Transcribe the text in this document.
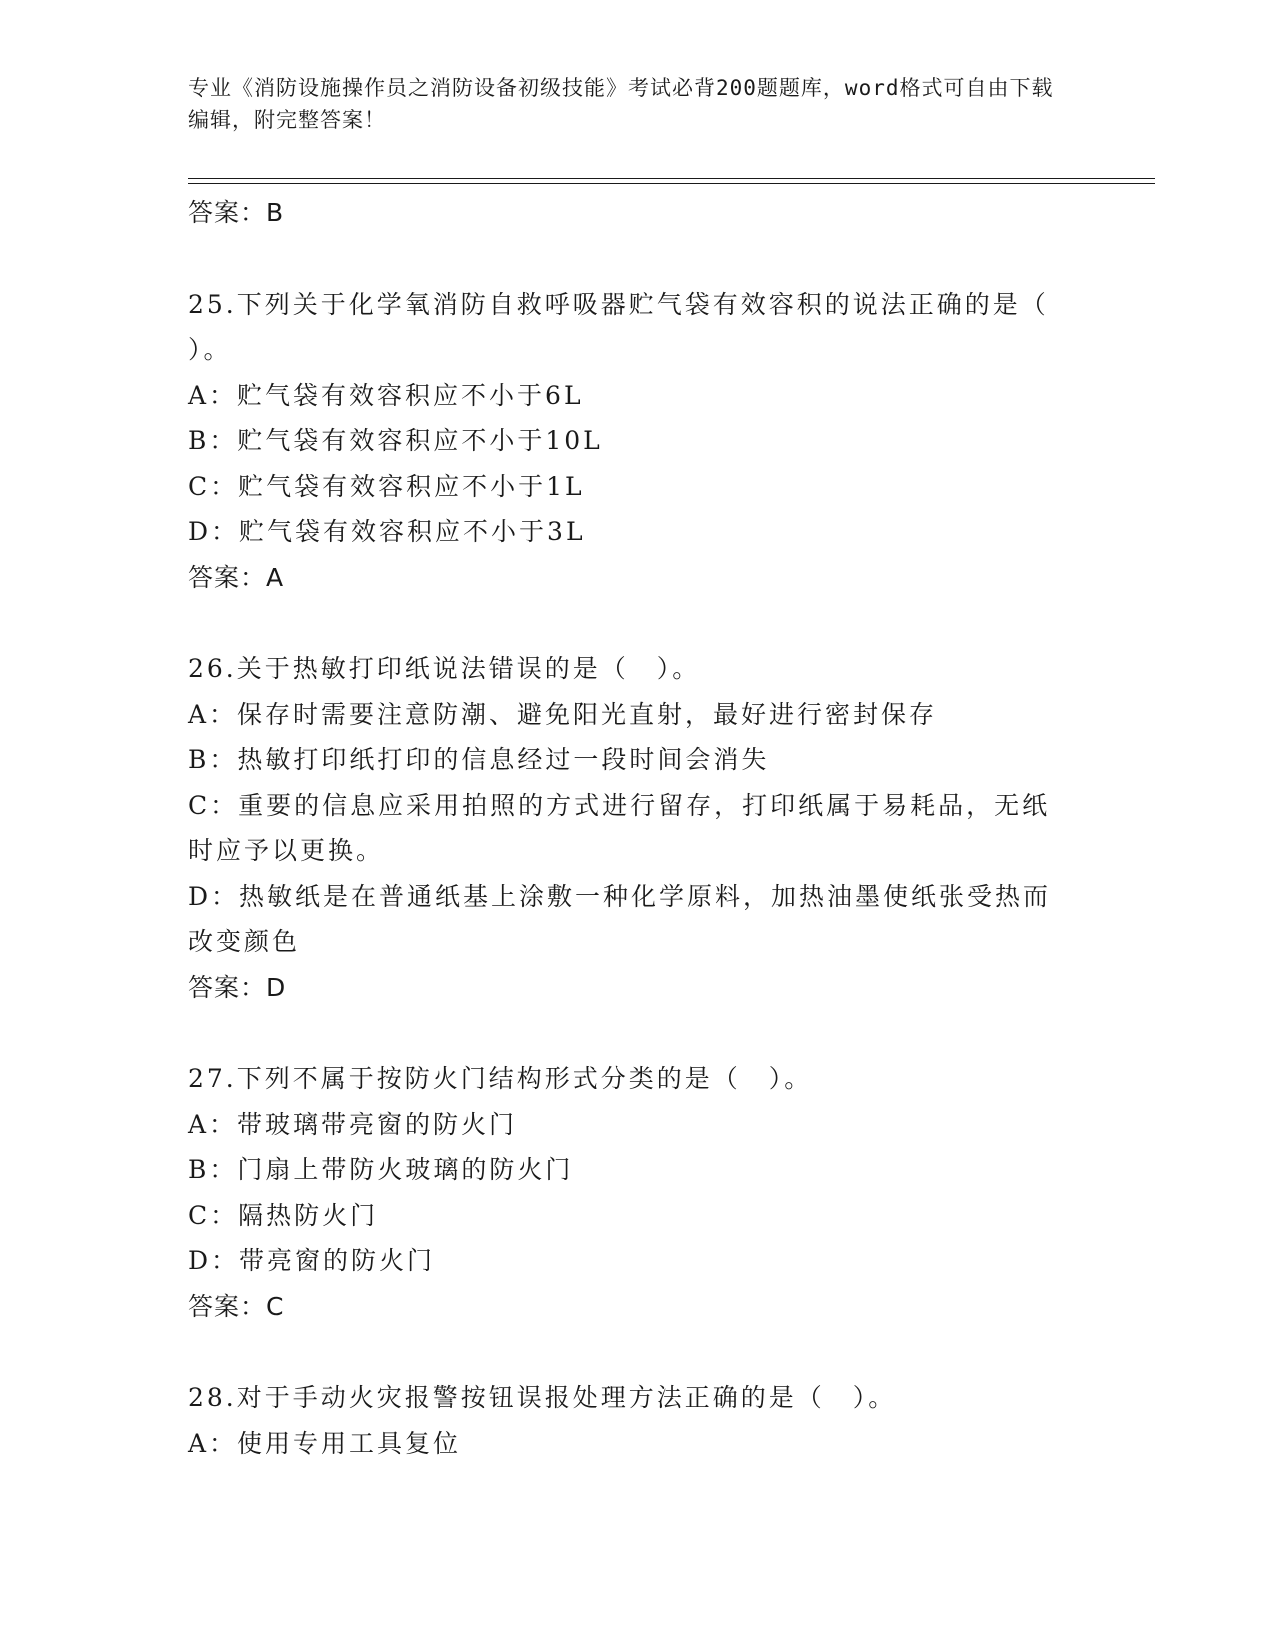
专业《消防设施操作员之消防设备初级技能》考试必背200题题库，word格式可自由下载编辑，附完整答案！
答案：B
25.下列关于化学氧消防自救呼吸器贮气袋有效容积的说法正确的是（
）。
A：贮气袋有效容积应不小于6L
B：贮气袋有效容积应不小于10L
C：贮气袋有效容积应不小于1L
D：贮气袋有效容积应不小于3L
答案：A
26.关于热敏打印纸说法错误的是（　）。
A：保存时需要注意防潮、避免阳光直射，最好进行密封保存
B：热敏打印纸打印的信息经过一段时间会消失
C：重要的信息应采用拍照的方式进行留存，打印纸属于易耗品，无纸
时应予以更换。
D：热敏纸是在普通纸基上涂敷一种化学原料，加热油墨使纸张受热而
改变颜色
答案：D
27.下列不属于按防火门结构形式分类的是（　）。
A：带玻璃带亮窗的防火门
B：门扇上带防火玻璃的防火门
C：隔热防火门
D：带亮窗的防火门
答案：C
28.对于手动火灾报警按钮误报处理方法正确的是（　）。
A：使用专用工具复位
